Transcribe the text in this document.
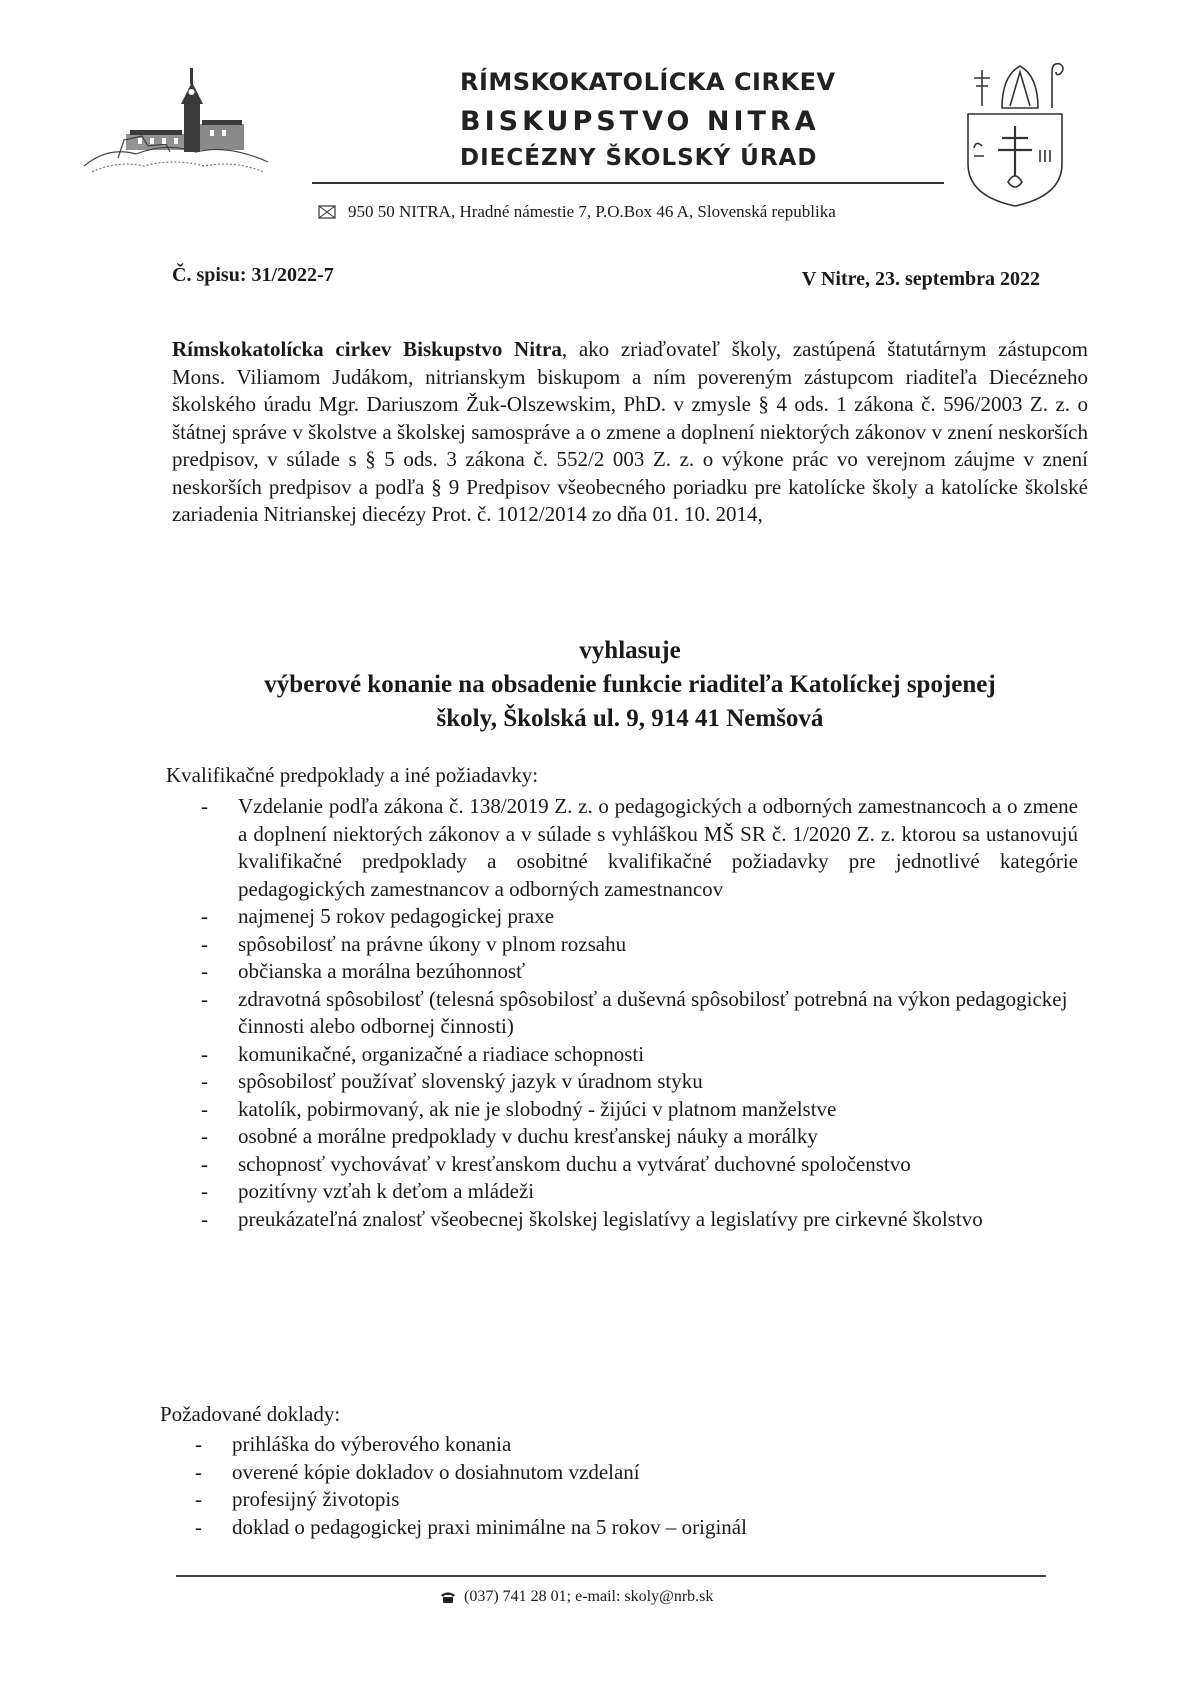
RÍMSKOKATOLÍCKA CIRKEV
BISKUPSTVO NITRA
DIECÉZNY ŠKOLSKÝ ÚRAD
950 50 NITRA, Hradné námestie 7, P.O.Box 46 A, Slovenská republika
Č. spisu: 31/2022-7	V Nitre, 23. septembra 2022
Rímskokatolícka cirkev Biskupstvo Nitra, ako zriaďovateľ školy, zastúpená štatutárnym zástupcom Mons. Viliamom Judákom, nitrianskym biskupom a ním povereným zástupcom riaditeľa Diecézneho školského úradu Mgr. Dariuszom Žuk-Olszewskim, PhD. v zmysle § 4 ods. 1 zákona č. 596/2003 Z. z. o štátnej správe v školstve a školskej samospráve a o zmene a doplnení niektorých zákonov v znení neskorších predpisov, v súlade s § 5 ods. 3 zákona č. 552/2 003 Z. z. o výkone prác vo verejnom záujme v znení neskorších predpisov a podľa § 9 Predpisov všeobecného poriadku pre katolícke školy a katolícke školské zariadenia Nitrianskej diecézy Prot. č. 1012/2014 zo dňa 01. 10. 2014,
vyhlasuje
výberové konanie na obsadenie funkcie riaditeľa Katolíckej spojenej
školy, Školská ul. 9, 914 41 Nemšová
Kvalifikačné predpoklady a iné požiadavky:
- Vzdelanie podľa zákona č. 138/2019 Z. z. o pedagogických a odborných zamestnancoch a o zmene a doplnení niektorých zákonov a v súlade s vyhláškou MŠ SR č. 1/2020 Z. z. ktorou sa ustanovujú kvalifikačné predpoklady a osobitné kvalifikačné požiadavky pre jednotlivé kategórie pedagogických zamestnancov a odborných zamestnancov
- najmenej 5 rokov pedagogickej praxe
- spôsobilosť na právne úkony v plnom rozsahu
- občianska a morálna bezúhonnosť
- zdravotná spôsobilosť (telesná spôsobilosť a duševná spôsobilosť potrebná na výkon pedagogickej činnosti alebo odbornej činnosti)
- komunikačné, organizačné a riadiace schopnosti
- spôsobilosť používať slovenský jazyk v úradnom styku
- katolík, pobirmovaný, ak nie je slobodný - žijúci v platnom manželstve
- osobné a morálne predpoklady v duchu kresťanskej náuky a morálky
- schopnosť vychovávať v kresťanskom duchu a vytvárať duchovné spoločenstvo
- pozitívny vzťah k deťom a mládeži
- preukázateľná znalosť všeobecnej školskej legislatívy a legislatívy pre cirkevné školstvo
Požadované doklady:
- prihláška do výberového konania
- overené kópie dokladov o dosiahnutom vzdelaní
- profesijný životopis
- doklad o pedagogickej praxi minimálne na 5 rokov – originál
(037) 741 28 01; e-mail: skoly@nrb.sk
